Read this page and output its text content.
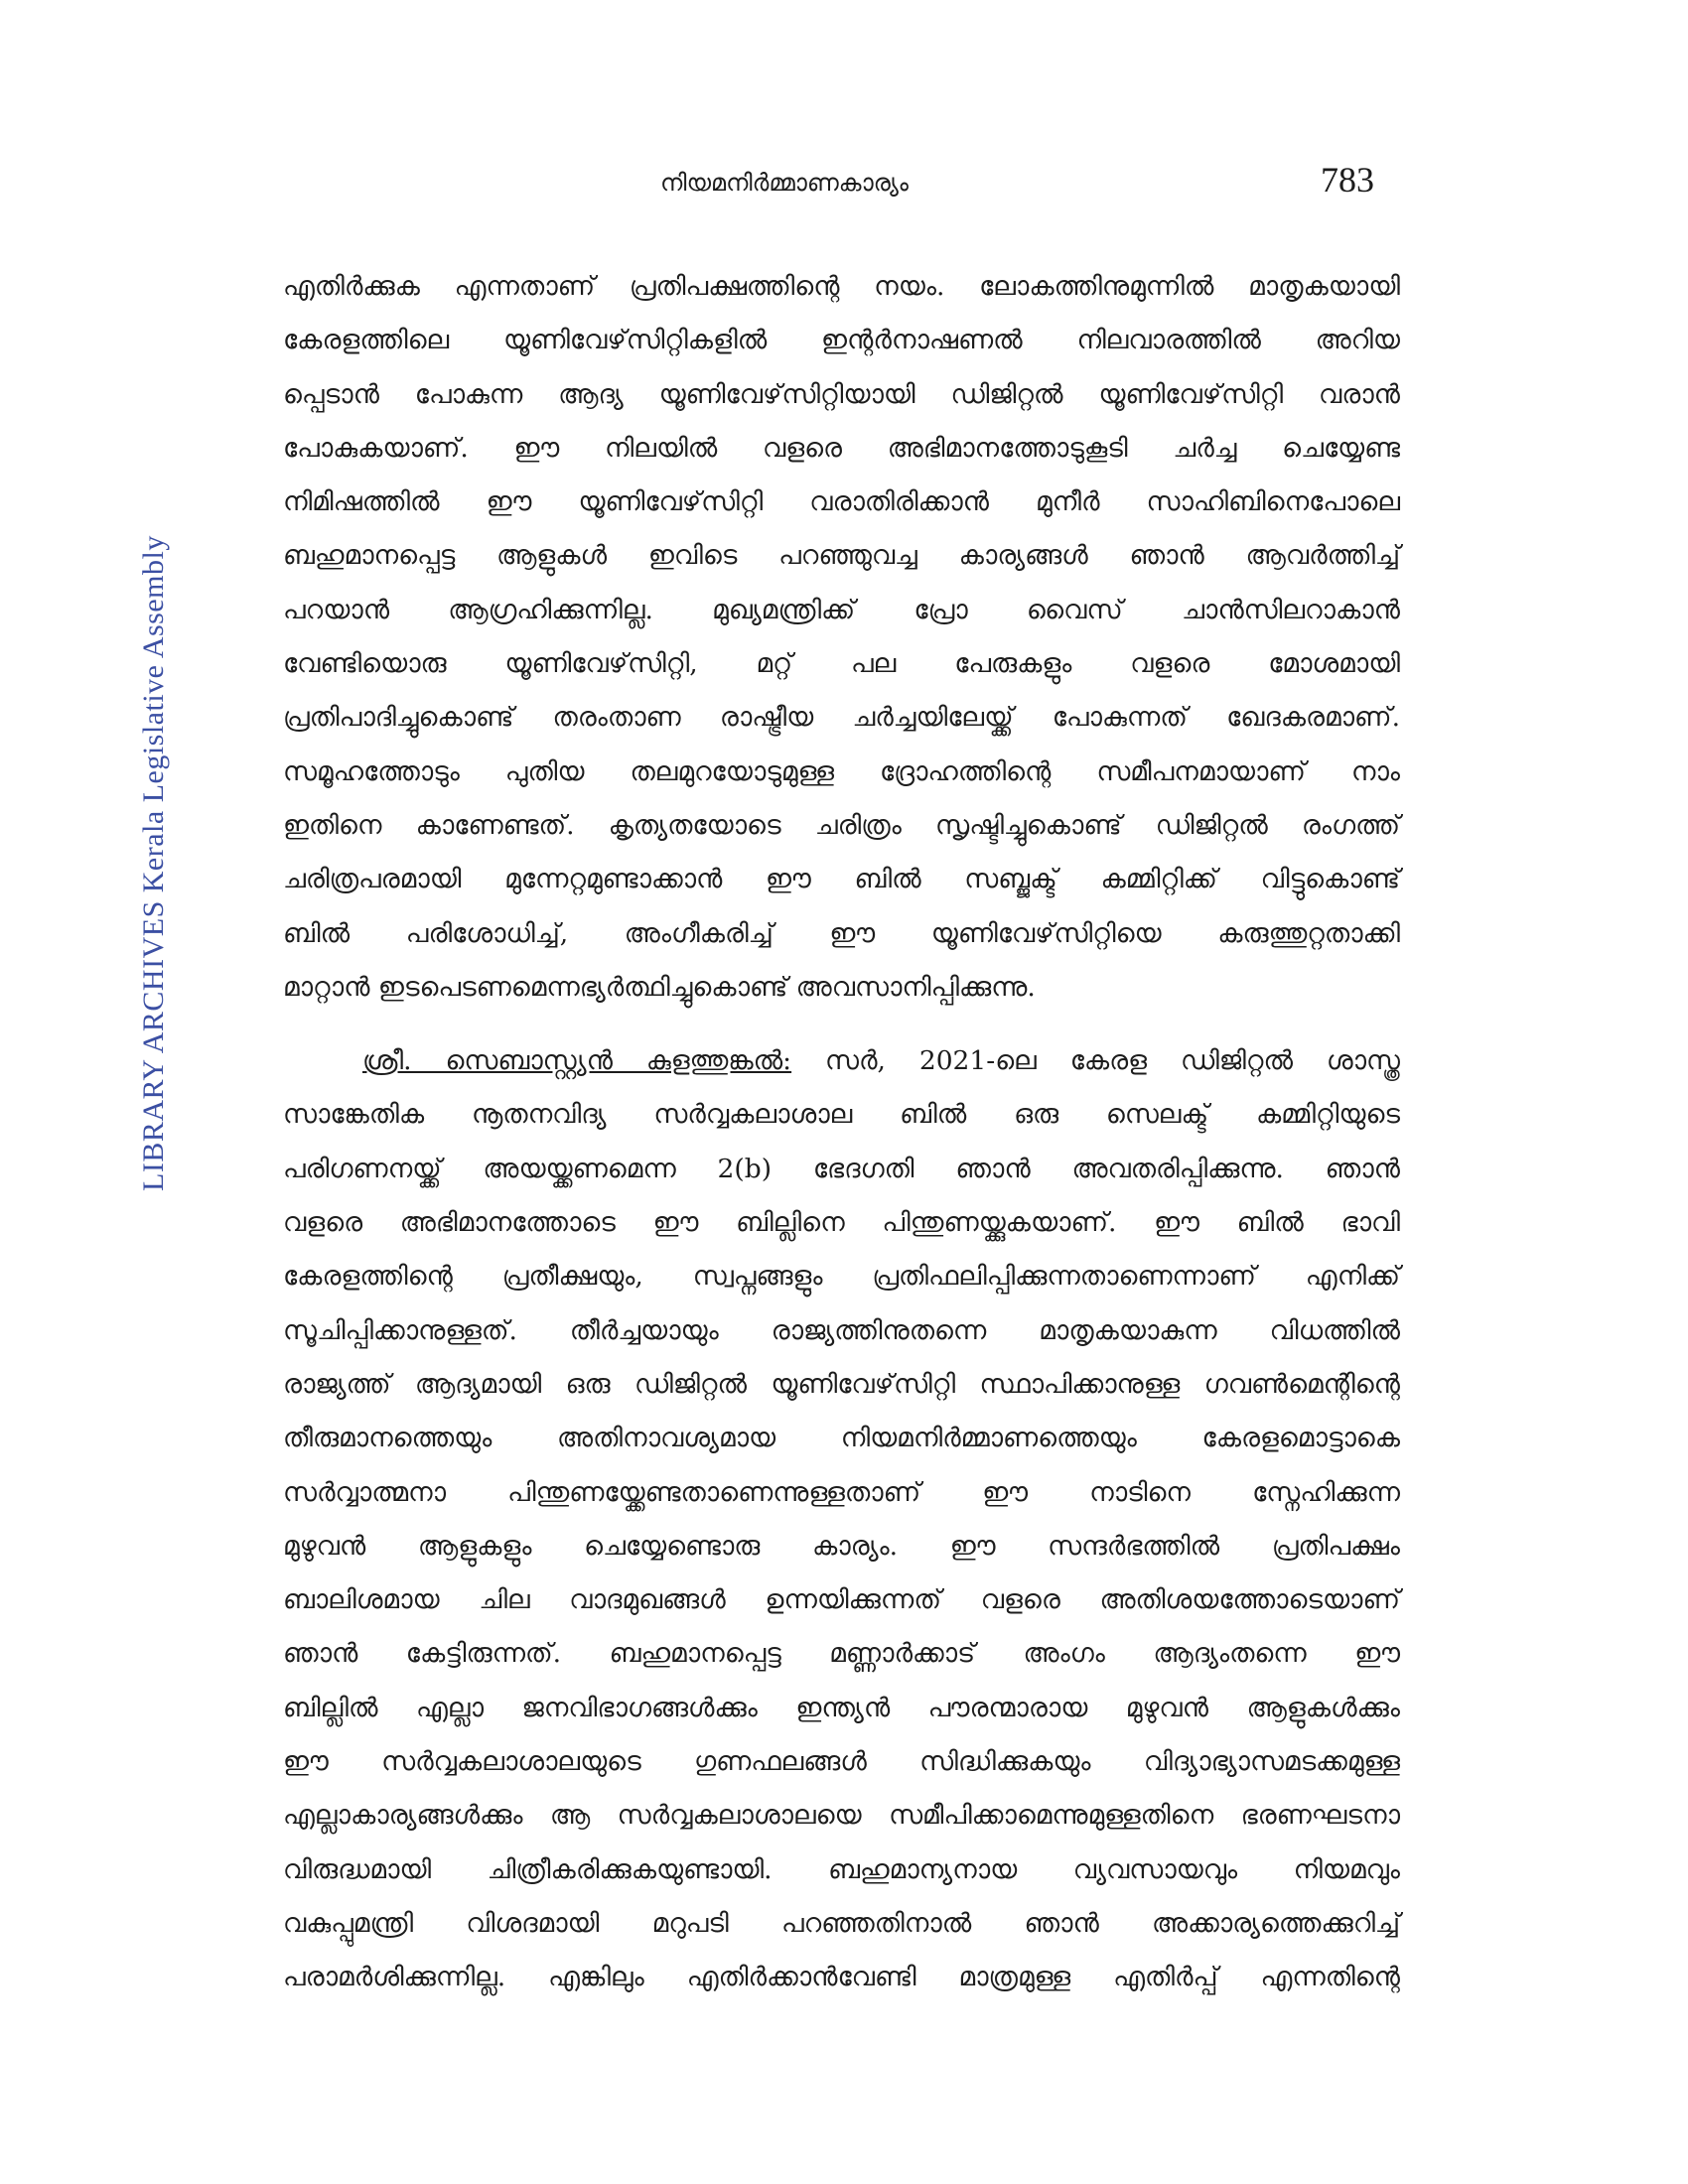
നിയമനിർമ്മാണകാര്യം	783
LIBRARY ARCHIVES Kerala Legislative Assembly
എതിർക്കുക എന്നതാണ് പ്രതിപക്ഷത്തിന്റെ നയം. ലോകത്തിനുമുന്നിൽ മാതൃകയായി
കേരളത്തിലെ യൂണിവേഴ്‌സിറ്റികളിൽ ഇന്റർനാഷണൽ നിലവാരത്തിൽ അറിയ
പ്പെടാൻ പോകുന്ന ആദ്യ യൂണിവേഴ്‌സിറ്റിയായി ഡിജിറ്റൽ യൂണിവേഴ്‌സിറ്റി വരാൻ
പോകുകയാണ്. ഈ നിലയിൽ വളരെ അഭിമാനത്തോടുകൂടി ചർച്ച ചെയ്യേണ്ട
നിമിഷത്തിൽ ഈ യൂണിവേഴ്‌സിറ്റി വരാതിരിക്കാൻ മുനീർ സാഹിബിനെപോലെ
ബഹുമാനപ്പെട്ട ആളുകൾ ഇവിടെ പറഞ്ഞുവച്ച കാര്യങ്ങൾ ഞാൻ ആവർത്തിച്ച്
പറയാൻ ആഗ്രഹിക്കുന്നില്ല. മുഖ്യമന്ത്രിക്ക് പ്രോ വൈസ് ചാൻസിലറാകാൻ
വേണ്ടിയൊരു യൂണിവേഴ്‌സിറ്റി, മറ്റ് പല പേരുകളും വളരെ മോശമായി
പ്രതിപാദിച്ചുകൊണ്ട് തരംതാണ രാഷ്ട്രീയ ചർച്ചയിലേയ്ക്ക് പോകുന്നത് ഖേദകരമാണ്.
സമൂഹത്തോടും പുതിയ തലമുറയോടുമുള്ള ദ്രോഹത്തിന്റെ സമീപനമായാണ് നാം
ഇതിനെ കാണേണ്ടത്. കൃത്യതയോടെ ചരിത്രം സൃഷ്ടിച്ചുകൊണ്ട് ഡിജിറ്റൽ രംഗത്ത്
ചരിത്രപരമായി മുന്നേറ്റമുണ്ടാക്കാൻ ഈ ബിൽ സബ്ജക്ട് കമ്മിറ്റിക്ക് വിട്ടുകൊണ്ട്
ബിൽ പരിശോധിച്ച്, അംഗീകരിച്ച് ഈ യൂണിവേഴ്‌സിറ്റിയെ കരുത്തുറ്റതാക്കി
മാറ്റാൻ ഇടപെടണമെന്നഭ്യർത്ഥിച്ചുകൊണ്ട് അവസാനിപ്പിക്കുന്നു.
ശ്രീ. സെബാസ്റ്റ്യൻ കുളത്തുങ്കൽ: സർ, 2021-ലെ കേരള ഡിജിറ്റൽ ശാസ്ത്ര
സാങ്കേതിക നൂതനവിദ്യ സർവ്വകലാശാല ബിൽ ഒരു സെലക്ട് കമ്മിറ്റിയുടെ
പരിഗണനയ്ക്ക് അയയ്ക്കണമെന്ന 2(b) ഭേദഗതി ഞാൻ അവതരിപ്പിക്കുന്നു. ഞാൻ
വളരെ അഭിമാനത്തോടെ ഈ ബില്ലിനെ പിന്തുണയ്ക്കുകയാണ്. ഈ ബിൽ ഭാവി
കേരളത്തിന്റെ പ്രതീക്ഷയും, സ്വപ്നങ്ങളും പ്രതിഫലിപ്പിക്കുന്നതാണെന്നാണ് എനിക്ക്
സൂചിപ്പിക്കാനുള്ളത്. തീർച്ചയായും രാജ്യത്തിനുതന്നെ മാതൃകയാകുന്ന വിധത്തിൽ
രാജ്യത്ത് ആദ്യമായി ഒരു ഡിജിറ്റൽ യൂണിവേഴ്‌സിറ്റി സ്ഥാപിക്കാനുള്ള ഗവൺമെന്റിന്റെ
തീരുമാനത്തെയും അതിനാവശ്യമായ നിയമനിർമ്മാണത്തെയും കേരളമൊട്ടാകെ
സർവ്വാത്മനാ പിന്തുണയ്ക്കേണ്ടതാണെന്നുള്ളതാണ് ഈ നാടിനെ സ്നേഹിക്കുന്ന
മുഴുവൻ ആളുകളും ചെയ്യേണ്ടൊരു കാര്യം. ഈ സന്ദർഭത്തിൽ പ്രതിപക്ഷം
ബാലിശമായ ചില വാദമുഖങ്ങൾ ഉന്നയിക്കുന്നത് വളരെ അതിശയത്തോടെയാണ്
ഞാൻ കേട്ടിരുന്നത്. ബഹുമാനപ്പെട്ട മണ്ണാർക്കാട് അംഗം ആദ്യംതന്നെ ഈ
ബില്ലിൽ എല്ലാ ജനവിഭാഗങ്ങൾക്കും ഇന്ത്യൻ പൗരന്മാരായ മുഴുവൻ ആളുകൾക്കും
ഈ സർവ്വകലാശാലയുടെ ഗുണഫലങ്ങൾ സിദ്ധിക്കുകയും വിദ്യാഭ്യാസമടക്കമുള്ള
എല്ലാകാര്യങ്ങൾക്കും ആ സർവ്വകലാശാലയെ സമീപിക്കാമെന്നുമുള്ളതിനെ ഭരണഘടനാ
വിരുദ്ധമായി ചിത്രീകരിക്കുകയുണ്ടായി. ബഹുമാന്യനായ വ്യവസായവും നിയമവും
വകുപ്പുമന്ത്രി വിശദമായി മറുപടി പറഞ്ഞതിനാൽ ഞാൻ അക്കാര്യത്തെക്കുറിച്ച്
പരാമർശിക്കുന്നില്ല. എങ്കിലും എതിർക്കാൻവേണ്ടി മാത്രമുള്ള എതിർപ്പ് എന്നതിന്റെ
